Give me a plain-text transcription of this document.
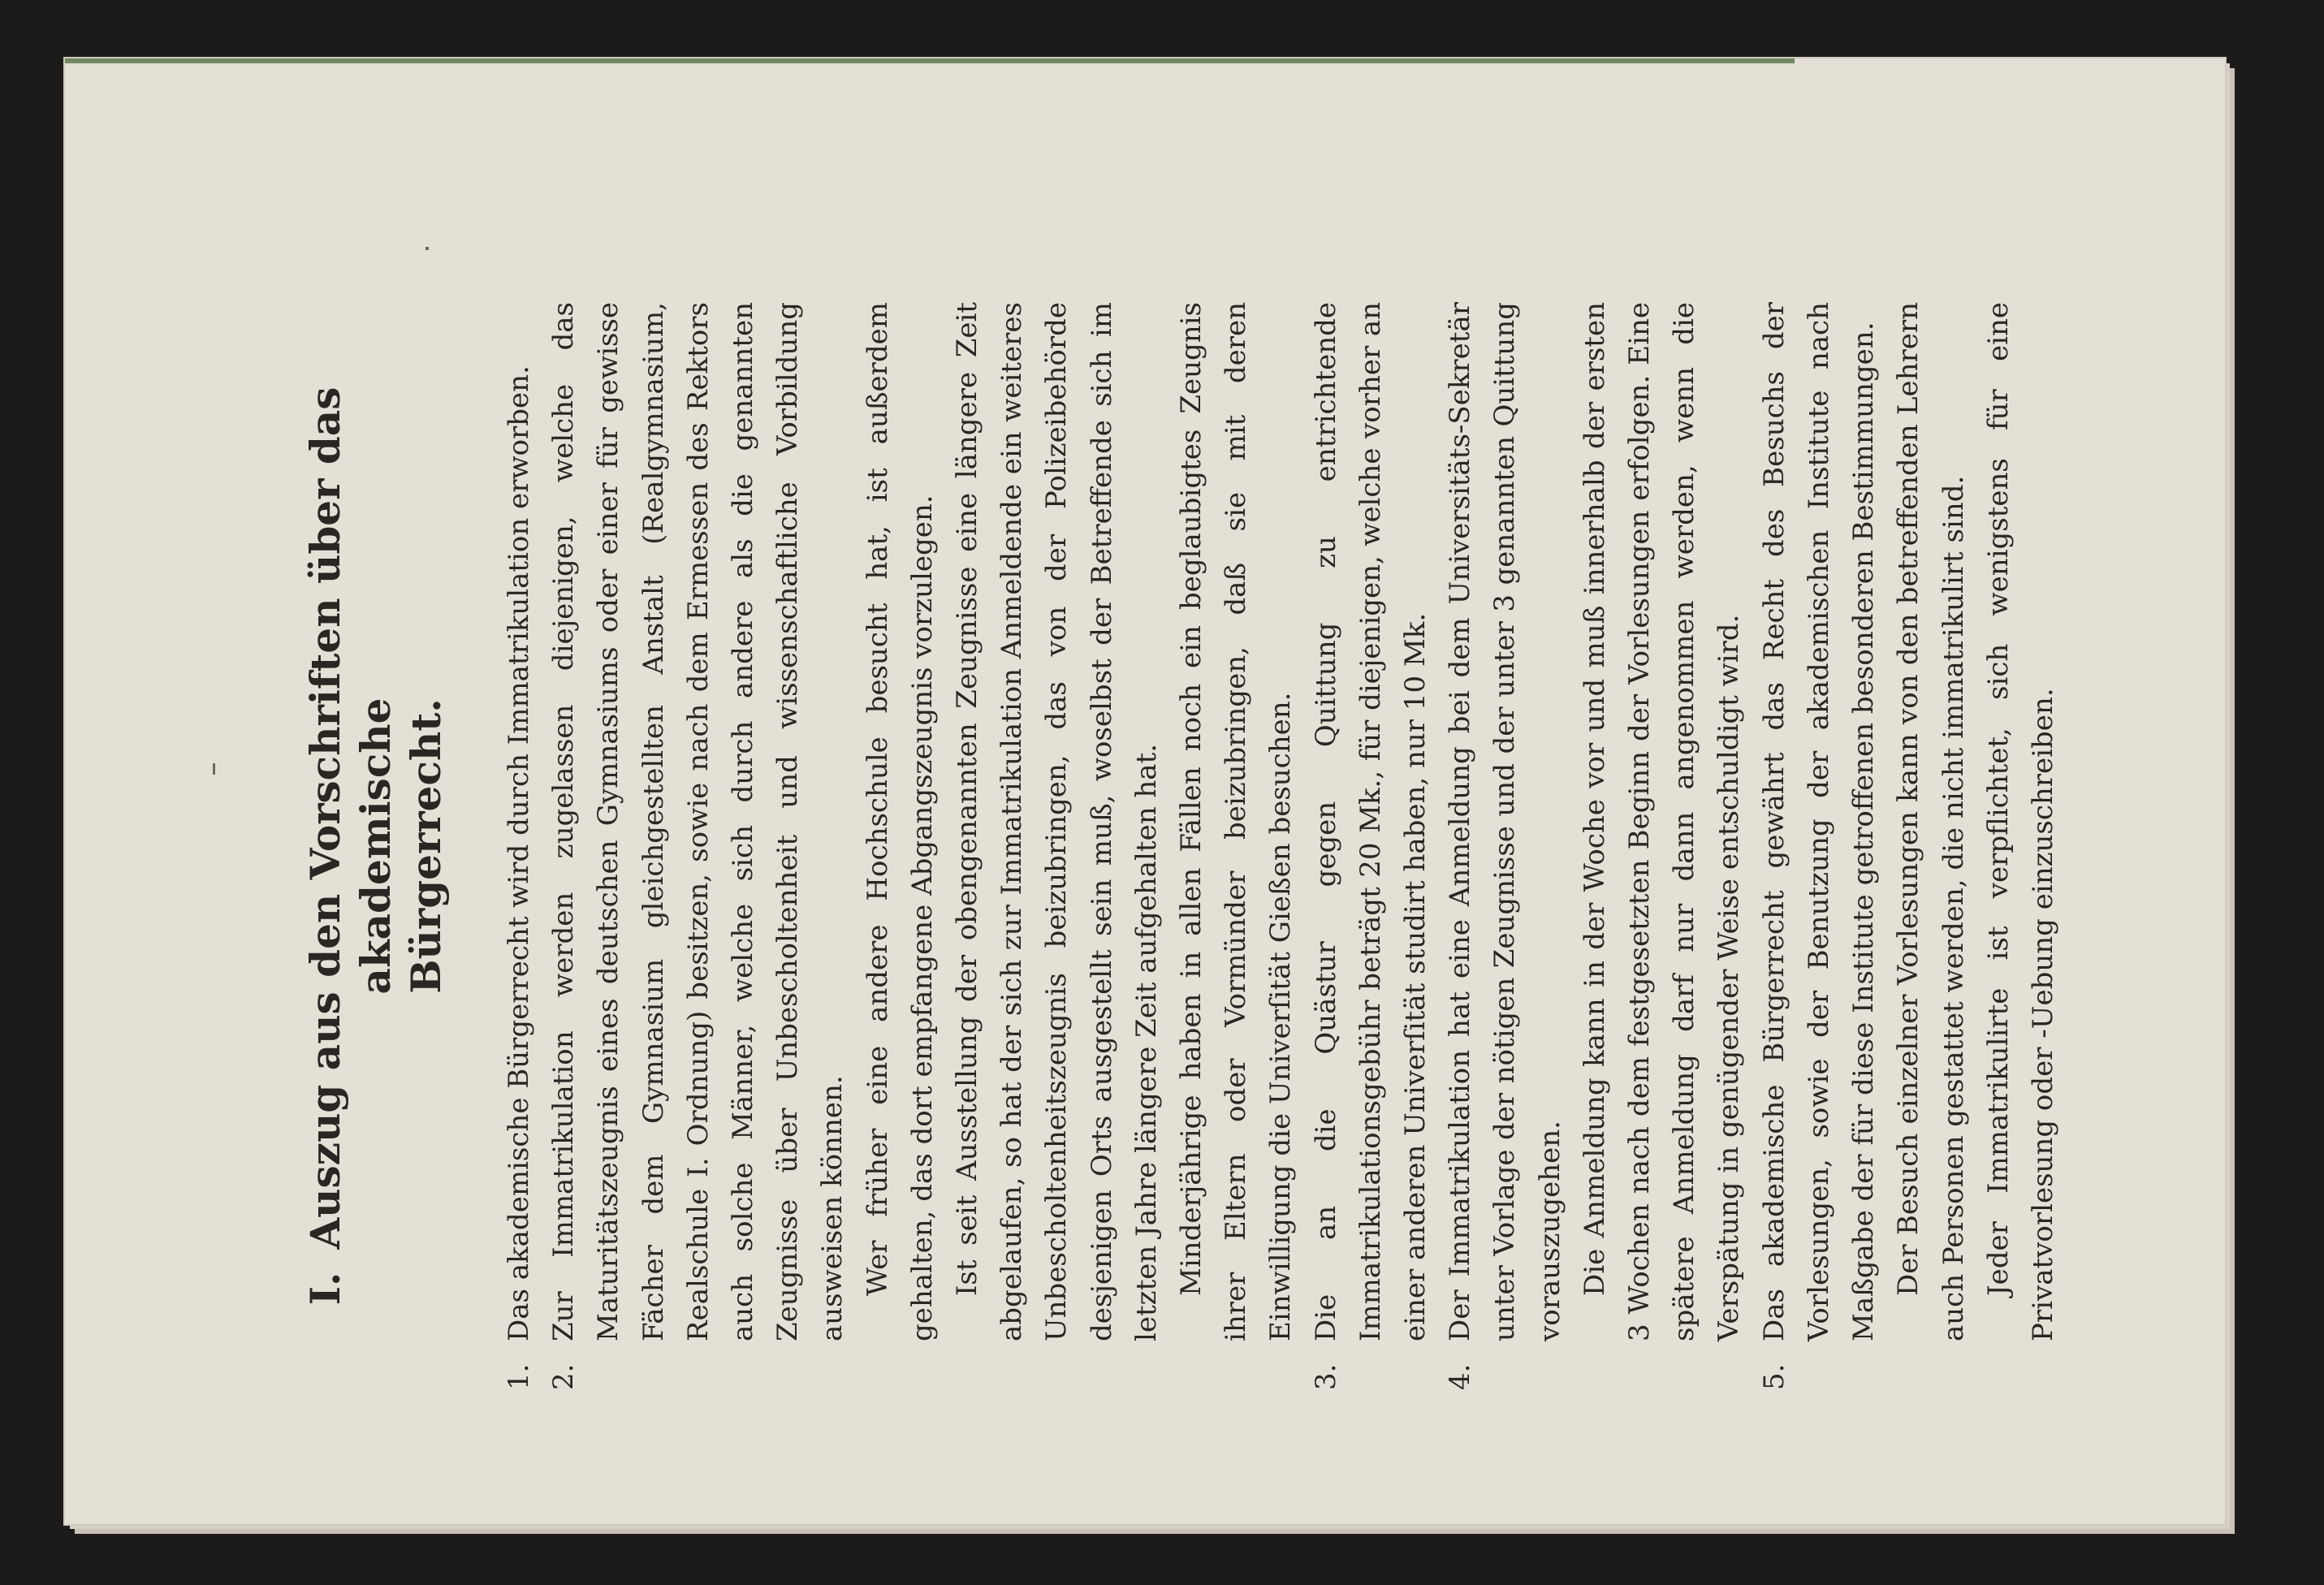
I.Auszug aus den Vorschriften über das akademische
Bürgerrecht.

1.
Das akademische Bürgerrecht wird durch Immatrikulation erworben.

2.
Zur Immatrikulation werden zugelassen diejenigen, welche das Maturitätszeugnis eines deutschen Gymnasiums oder einer für gewisse Fächer dem Gymnasium gleichgestellten Anstalt (Realgymnasium, Realschule I. Ordnung) besitzen, sowie nach dem Ermessen des Rektors auch solche Männer, welche sich durch andere als die genannten Zeugnisse über Unbescholtenheit und wissenschaftliche Vorbildung ausweisen können. Wer früher eine andere Hochschule besucht hat, ist außerdem gehalten, das dort empfangene Abgangszeugnis vorzulegen. Ist seit Ausstellung der obengenannten Zeugnisse eine längere Zeit abgelaufen, so hat der sich zur Immatrikulation Anmeldende ein weiteres Unbescholtenheitszeugnis beizubringen, das von der Polizeibehörde desjenigen Orts ausgestellt sein muß, woselbst der Betreffende sich im letzten Jahre längere Zeit aufgehalten hat. Minderjährige haben in allen Fällen noch ein beglaubigtes Zeugnis ihrer Eltern oder Vormünder beizubringen, daß sie mit deren Einwilligung die Univerſität Gießen besuchen.

3.
Die an die Quästur gegen Quittung zu entrichtende Immatrikulationsgebühr beträgt 20 Mk., für diejenigen, welche vorher an einer anderen Univerſität studirt haben, nur 10 Mk.

4.
Der Immatrikulation hat eine Anmeldung bei dem Universitäts-Sekretär unter Vorlage der nötigen Zeugnisse und der unter 3 genannten Quittung vorauszugehen. Die Anmeldung kann in der Woche vor und muß innerhalb der ersten 3 Wochen nach dem festgesetzten Beginn der Vorlesungen erfolgen. Eine spätere Anmeldung darf nur dann angenommen werden, wenn die Verspätung in genügender Weise entschuldigt wird.

5.
Das akademische Bürgerrecht gewährt das Recht des Besuchs der Vorlesungen, sowie der Benutzung der akademischen Institute nach Maßgabe der für diese Institute getroffenen besonderen Bestimmungen. Der Besuch einzelner Vorlesungen kann von den betreffenden Lehrern auch Personen gestattet werden, die nicht immatrikulirt sind. Jeder Immatrikulirte ist verpflichtet, sich wenigstens für eine Privatvorlesung oder -Uebung einzuschreiben.
